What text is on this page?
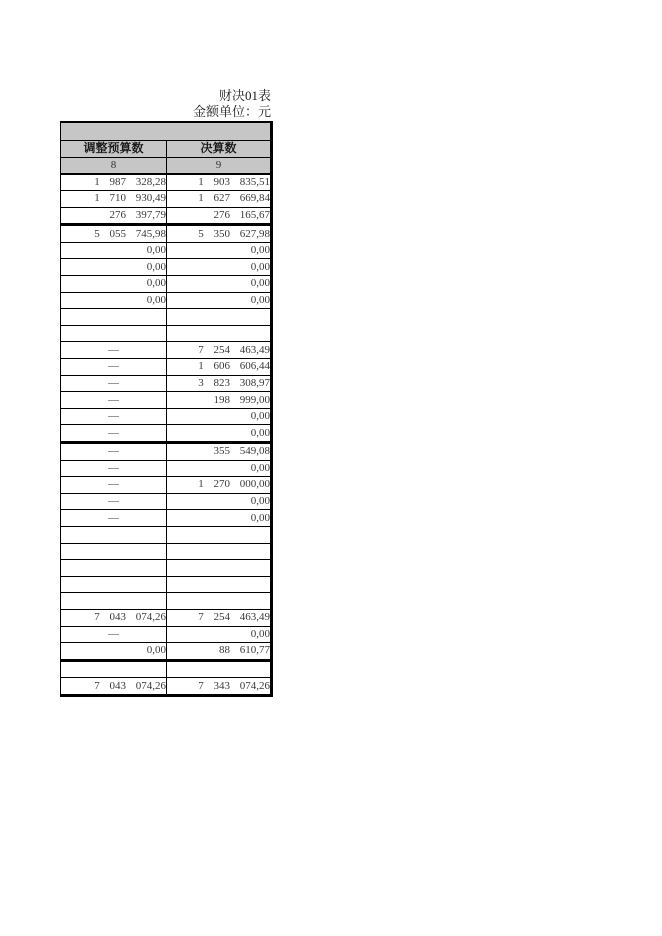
财决01表
金额单位：元

调整预算数	决算数
8	9
1 987 328,28	1 903 835,51
1 710 930,49	1 627 669,84
276 397,79	276 165,67
5 055 745,98	5 350 627,98
0,00	0,00
0,00	0,00
0,00	0,00
0,00	0,00

—	7 254 463,49
—	1 606 606,44
—	3 823 308,97
—	198 999,00
—	0,00
—	0,00
—	355 549,08
—	0,00
—	1 270 000,00
—	0,00
—	0,00

7 043 074,26	7 254 463,49
—	0,00
0,00	88 610,77

7 043 074,26	7 343 074,26
